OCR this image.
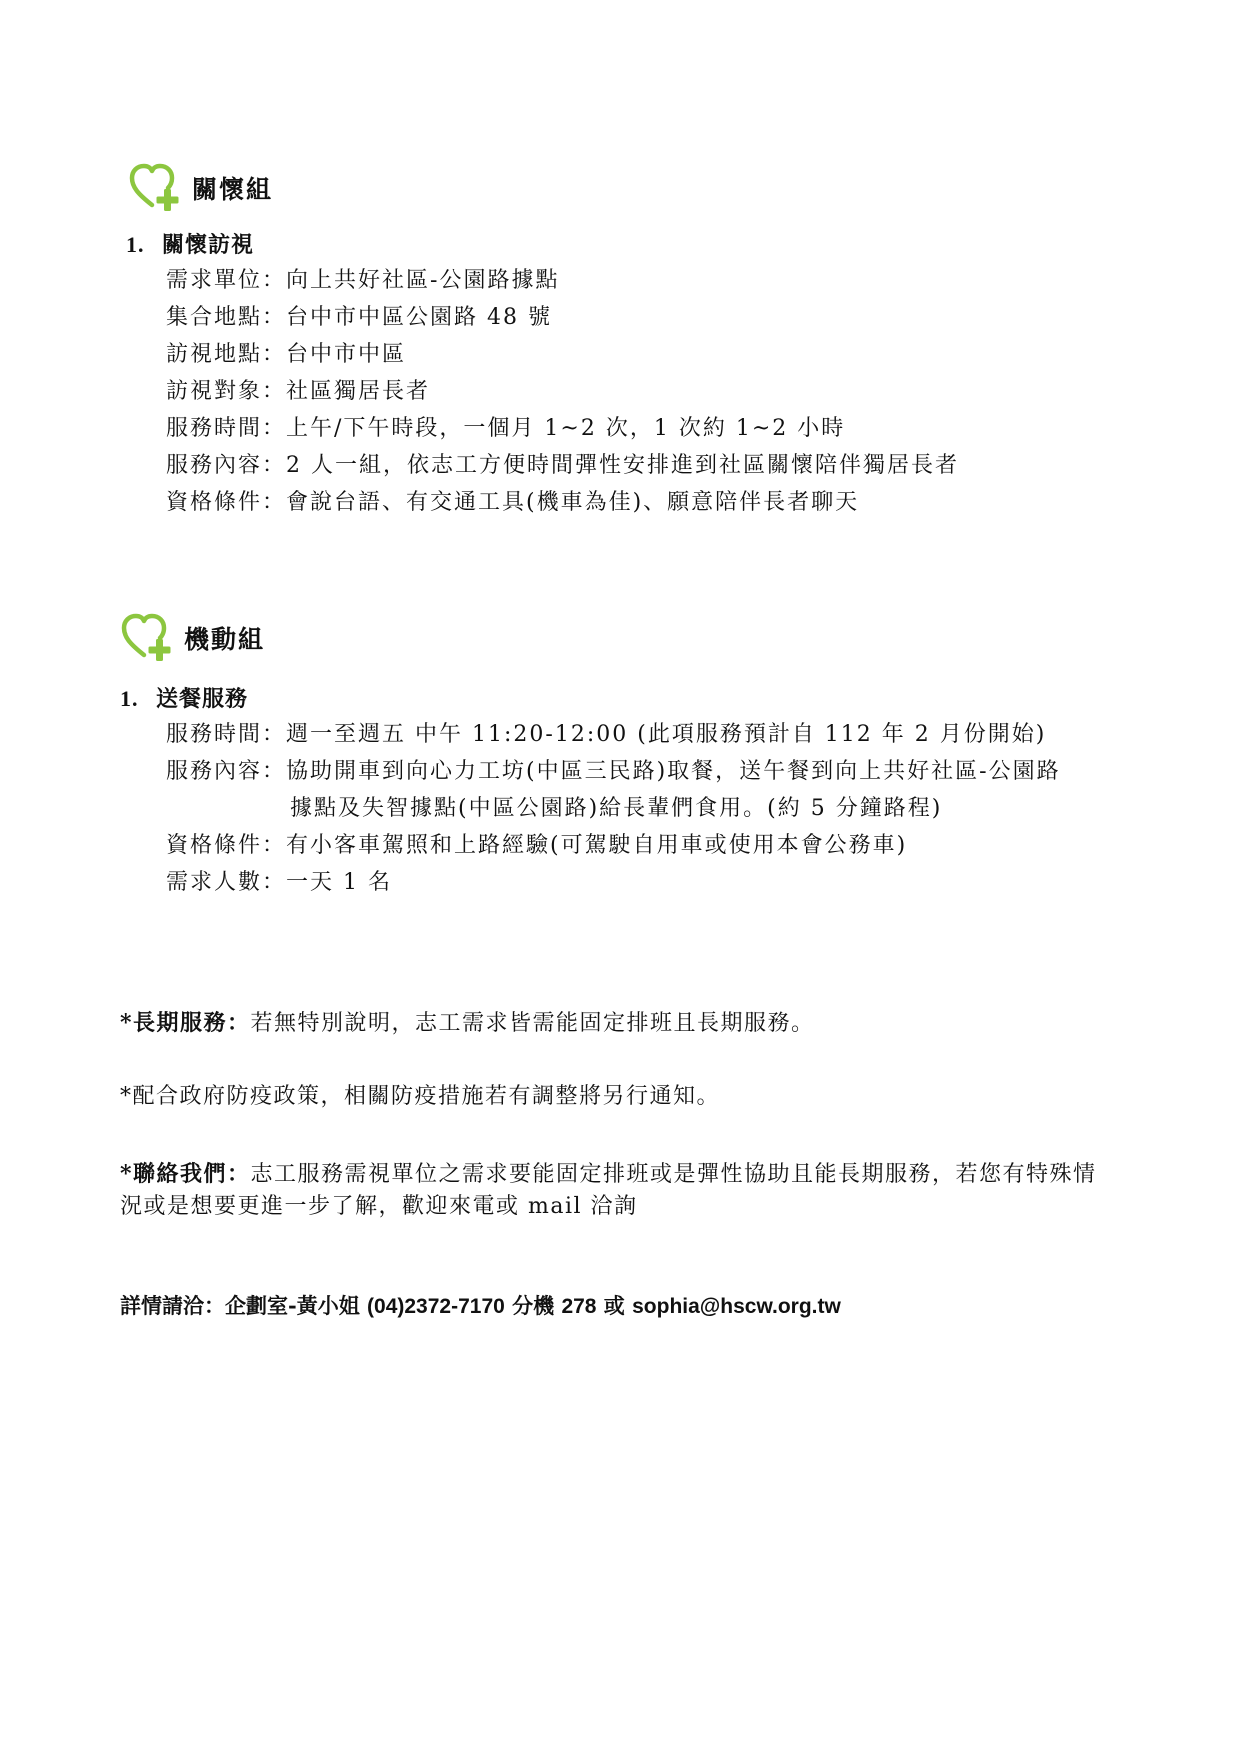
關懷組
1. 關懷訪視
需求單位：向上共好社區-公園路據點
集合地點：台中市中區公園路 48 號
訪視地點：台中市中區
訪視對象：社區獨居長者
服務時間：上午/下午時段，一個月 1~2 次，1 次約 1~2 小時
服務內容：2 人一組，依志工方便時間彈性安排進到社區關懷陪伴獨居長者
資格條件：會說台語、有交通工具(機車為佳)、願意陪伴長者聊天
機動組
1. 送餐服務
服務時間：週一至週五 中午 11:20-12:00 (此項服務預計自 112 年 2 月份開始)
服務內容：協助開車到向心力工坊(中區三民路)取餐，送午餐到向上共好社區-公園路
據點及失智據點(中區公園路)給長輩們食用。(約 5 分鐘路程)
資格條件：有小客車駕照和上路經驗(可駕駛自用車或使用本會公務車)
需求人數：一天 1 名
*長期服務：若無特別說明，志工需求皆需能固定排班且長期服務。
*配合政府防疫政策，相關防疫措施若有調整將另行通知。
*聯絡我們：志工服務需視單位之需求要能固定排班或是彈性協助且能長期服務，若您有特殊情況或是想要更進一步了解，歡迎來電或 mail 洽詢
詳情請洽：企劃室-黃小姐 (04)2372-7170 分機 278 或 sophia@hscw.org.tw
